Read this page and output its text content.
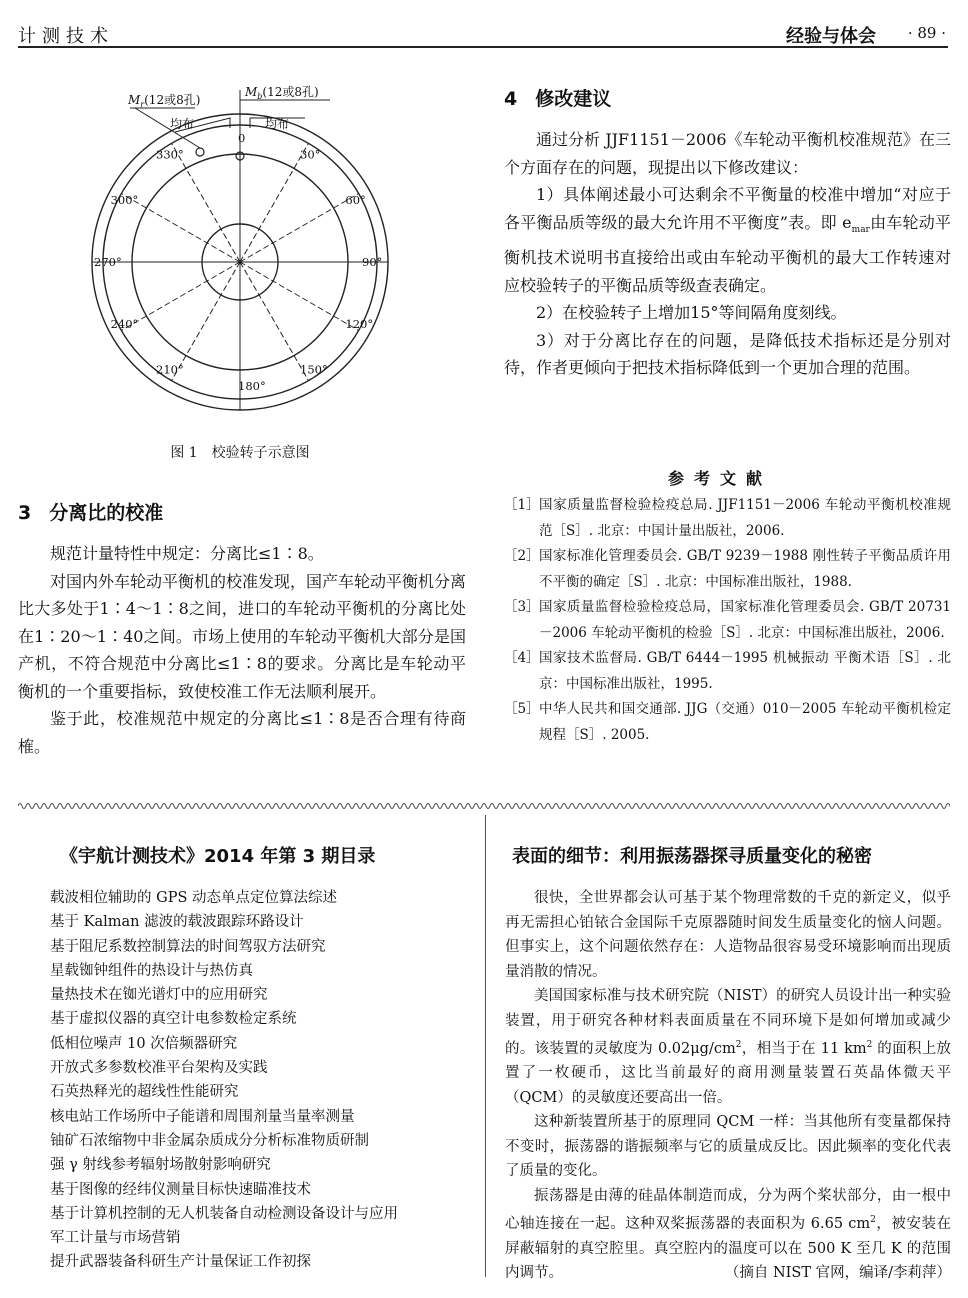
计测技术	经验与体会 · 89 ·
$M_r(12$或8孔)
$M_b(12$或8孔)
均布	均布
0
30°
60°
90°
120°
150°
180°
210°
240°
270°
300°
330°
图 1　校验转子示意图
3 分离比的校准

规范计量特性中规定：分离比≤1∶8。

对国内外车轮动平衡机的校准发现，国产车轮动平衡机分离比大多处于1∶4～1∶8之间，进口的车轮动平衡机的分离比处在1∶20～1∶40之间。市场上使用的车轮动平衡机大部分是国产机，不符合规范中分离比≤1∶8的要求。分离比是车轮动平衡机的一个重要指标，致使校准工作无法顺利展开。

鉴于此，校准规范中规定的分离比≤1∶8是否合理有待商榷。

4 修改建议

通过分析 JJF1151－2006《车轮动平衡机校准规范》在三个方面存在的问题，现提出以下修改建议：

1）具体阐述最小可达剩余不平衡量的校准中增加“对应于各平衡品质等级的最大允许用不平衡度”表。即 $e_{mar}$由车轮动平衡机技术说明书直接给出或由车轮动平衡机的最大工作转速对应校验转子的平衡品质等级查表确定。

2）在校验转子上增加15°等间隔角度刻线。

3）对于分离比存在的问题，是降低技术指标还是分别对待，作者更倾向于把技术指标降低到一个更加合理的范围。

参考文献
［1］ 国家质量监督检验检疫总局. JJF1151－2006 车轮动平衡机校准规范［S］. 北京：中国计量出版社，2006.
［2］ 国家标准化管理委员会. GB/T 9239－1988 刚性转子平衡品质许用不平衡的确定［S］. 北京：中国标准出版社，1988.
［3］ 国家质量监督检验检疫总局，国家标准化管理委员会. GB/T 20731－2006 车轮动平衡机的检验［S］. 北京：中国标准出版社，2006.
［4］ 国家技术监督局. GB/T 6444－1995 机械振动 平衡术语［S］. 北京：中国标准出版社，1995.
［5］ 中华人民共和国交通部. JJG（交通）010－2005 车轮动平衡机检定规程［S］. 2005.
《宇航计测技术》2014 年第 3 期目录
载波相位辅助的 GPS 动态单点定位算法综述
基于 Kalman 滤波的载波跟踪环路设计
基于阻尼系数控制算法的时间驾驭方法研究
星载铷钟组件的热设计与热仿真
量热技术在铷光谱灯中的应用研究
基于虚拟仪器的真空计电参数检定系统
低相位噪声 10 次倍频器研究
开放式多参数校准平台架构及实践
石英热释光的超线性性能研究
核电站工作场所中子能谱和周围剂量当量率测量
铀矿石浓缩物中非金属杂质成分分析标准物质研制
强 γ 射线参考辐射场散射影响研究
基于图像的经纬仪测量目标快速瞄准技术
基于计算机控制的无人机装备自动检测设备设计与应用
军工计量与市场营销
提升武器装备科研生产计量保证工作初探
表面的细节：利用振荡器探寻质量变化的秘密

很快，全世界都会认可基于某个物理常数的千克的新定义，似乎再无需担心铂铱合金国际千克原器随时间发生质量变化的恼人问题。但事实上，这个问题依然存在：人造物品很容易受环境影响而出现质量消散的情况。

美国国家标准与技术研究院（NIST）的研究人员设计出一种实验装置，用于研究各种材料表面质量在不同环境下是如何增加或减少的。该装置的灵敏度为 $0.02\mu g/cm^2$，相当于在 11 $km^2$ 的面积上放置了一枚硬币，这比当前最好的商用测量装置石英晶体微天平（QCM）的灵敏度还要高出一倍。

这种新装置所基于的原理同 QCM 一样：当其他所有变量都保持不变时，振荡器的谐振频率与它的质量成反比。因此频率的变化代表了质量的变化。

振荡器是由薄的硅晶体制造而成，分为两个桨状部分，由一根中心轴连接在一起。这种双桨振荡器的表面积为 6.65 $cm^2$，被安装在屏蔽辐射的真空腔里。真空腔内的温度可以在 500 K 至几 K 的范围内调节。	（摘自 NIST 官网，编译/李莉萍）
